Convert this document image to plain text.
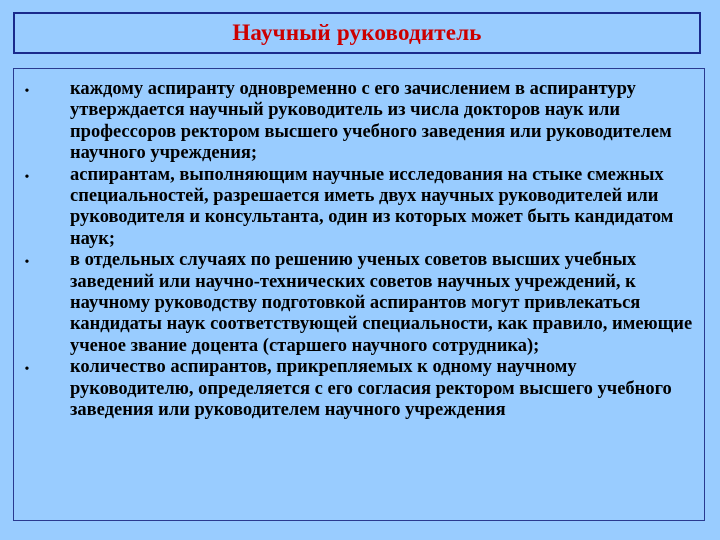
Научный руководитель
• каждому аспиранту одновременно с его зачислением в аспирантуру утверждается научный руководитель из числа докторов наук или профессоров ректором высшего учебного заведения или руководителем научного учреждения;
• аспирантам, выполняющим научные исследования на стыке смежных специальностей, разрешается иметь двух научных руководителей или руководителя и консультанта, один из которых может быть кандидатом наук;
• в отдельных случаях по решению ученых советов высших учебных заведений или научно-технических советов научных учреждений, к научному руководству подготовкой аспирантов могут привлекаться кандидаты наук соответствующей специальности, как правило, имеющие ученое звание доцента (старшего научного сотрудника);
• количество аспирантов, прикрепляемых к одному научному руководителю, определяется с его согласия ректором высшего учебного заведения или руководителем научного учреждения
